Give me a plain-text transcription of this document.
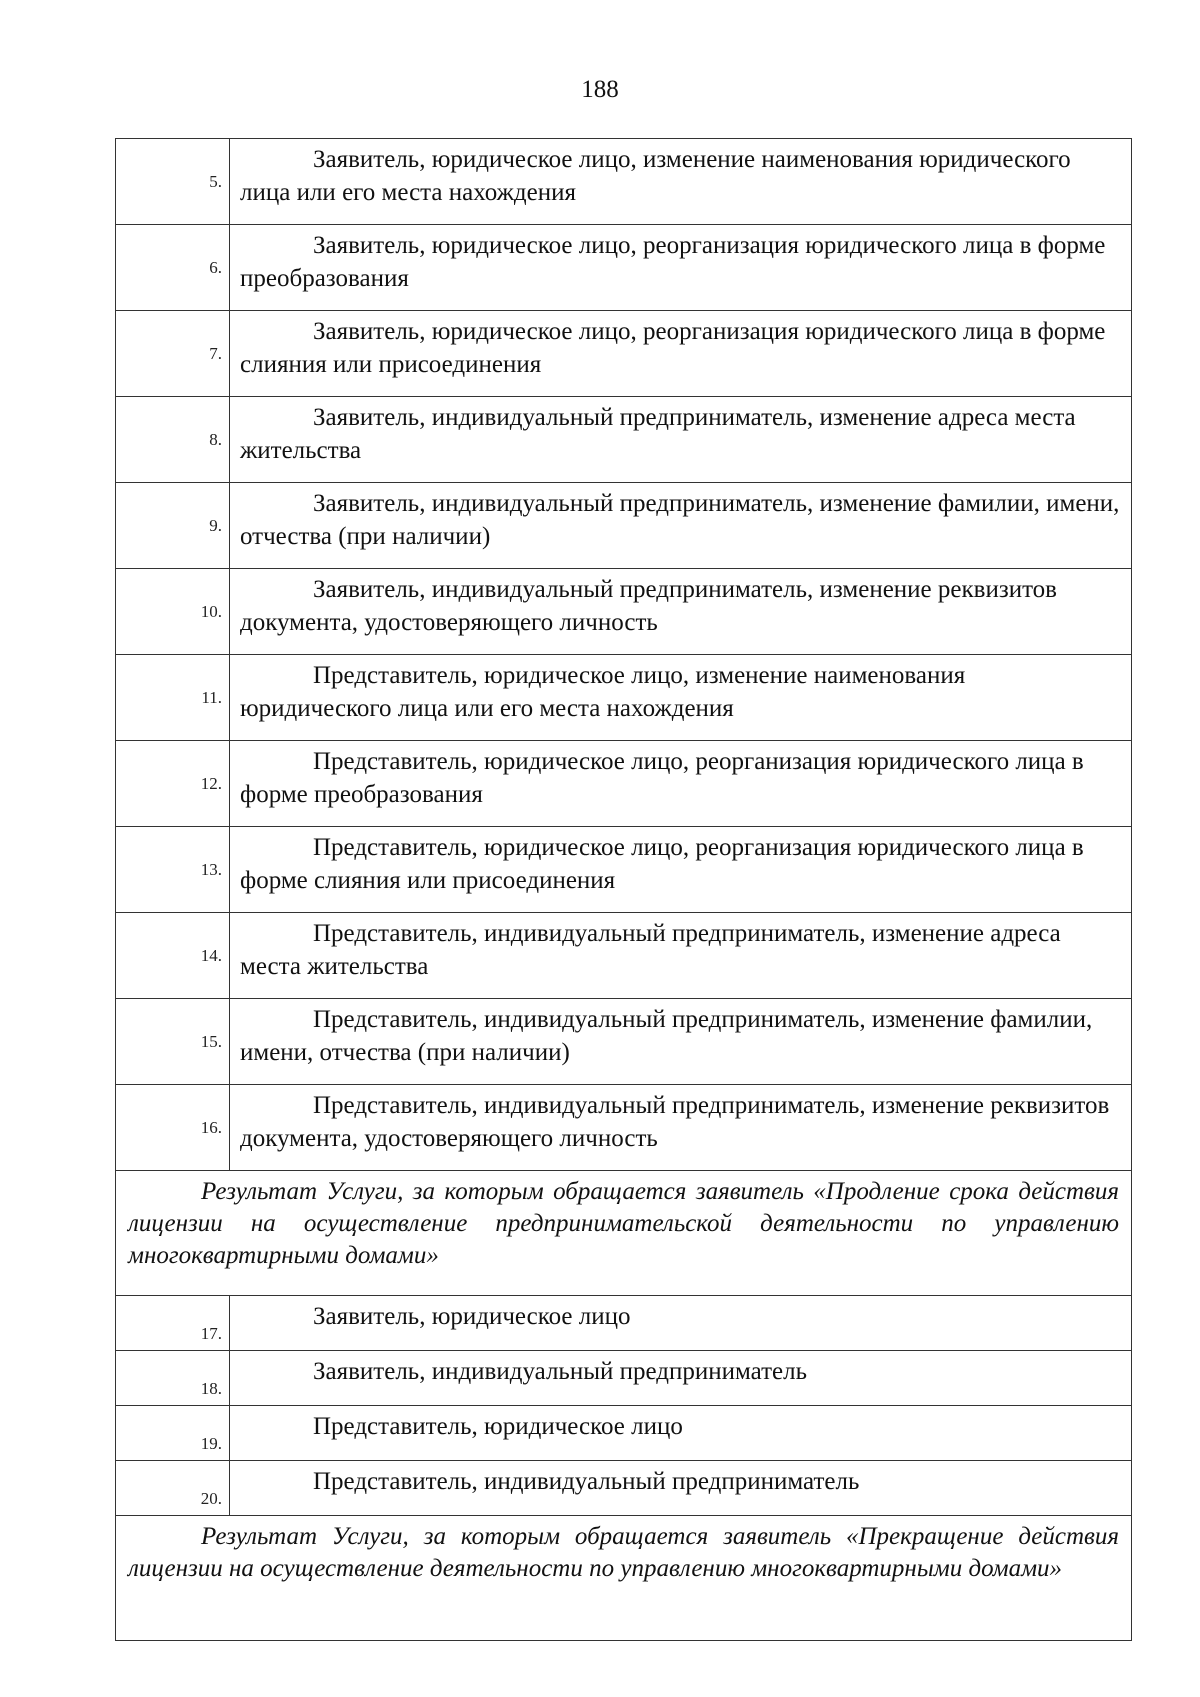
188
5.	Заявитель, юридическое лицо, изменение наименования юридического лица или его места нахождения
6.	Заявитель, юридическое лицо, реорганизация юридического лица в форме преобразования
7.	Заявитель, юридическое лицо, реорганизация юридического лица в форме слияния или присоединения
8.	Заявитель, индивидуальный предприниматель, изменение адреса места жительства
9.	Заявитель, индивидуальный предприниматель, изменение фамилии, имени, отчества (при наличии)
10.	Заявитель, индивидуальный предприниматель, изменение реквизитов документа, удостоверяющего личность
11.	Представитель, юридическое лицо, изменение наименования юридического лица или его места нахождения
12.	Представитель, юридическое лицо, реорганизация юридического лица в форме преобразования
13.	Представитель, юридическое лицо, реорганизация юридического лица в форме слияния или присоединения
14.	Представитель, индивидуальный предприниматель, изменение адреса места жительства
15.	Представитель, индивидуальный предприниматель, изменение фамилии, имени, отчества (при наличии)
16.	Представитель, индивидуальный предприниматель, изменение реквизитов документа, удостоверяющего личность
Результат Услуги, за которым обращается заявитель «Продление срока действия лицензии на осуществление предпринимательской деятельности по управлению многоквартирными домами»	
17.	Заявитель, юридическое лицо
18.	Заявитель, индивидуальный предприниматель
19.	Представитель, юридическое лицо
20.	Представитель, индивидуальный предприниматель
Результат Услуги, за которым обращается заявитель «Прекращение действия лицензии на осуществление деятельности по управлению многоквартирными домами»	
